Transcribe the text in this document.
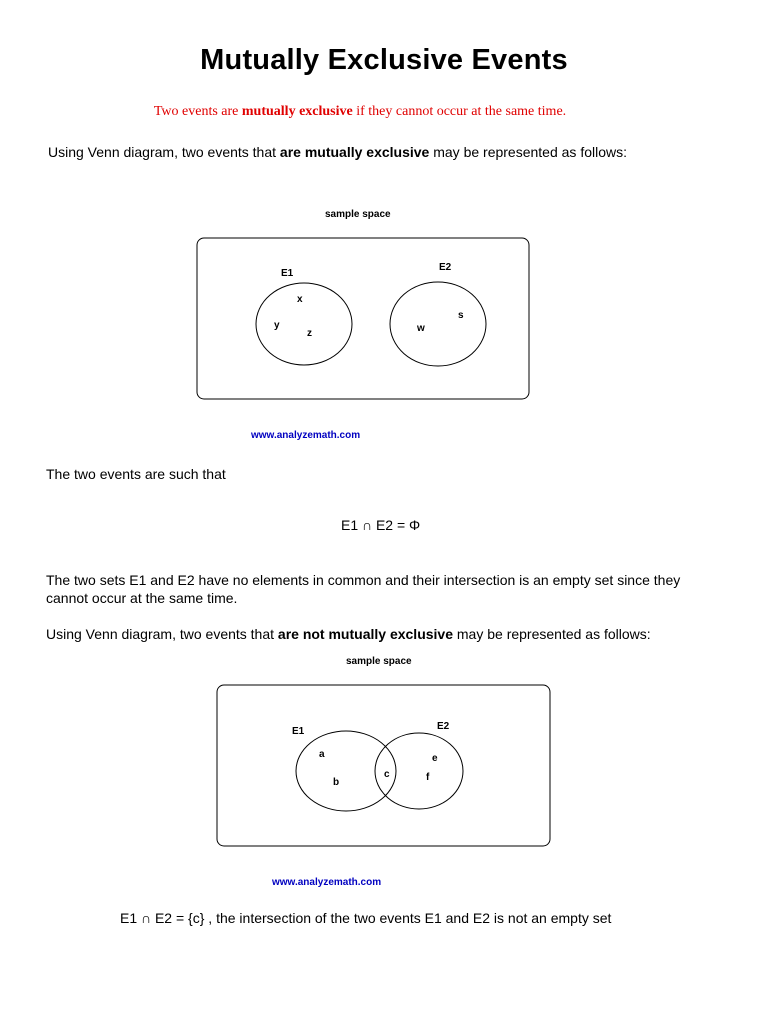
Mutually Exclusive Events
Two events are mutually exclusive if they cannot occur at the same time.
Using Venn diagram, two events that are mutually exclusive may be represented as follows:
sample space
E1
E2
x
y
z	w
s
www.analyzemath.com
The two events are such that
E1 ∩ E2 = Φ
The two sets E1 and E2 have no elements in common and their intersection is an empty set since they cannot occur at the same time.
Using Venn diagram, two events that are not mutually exclusive may be represented as follows:
sample space
E1	E2
a
b
c
e
f
www.analyzemath.com
E1 ∩ E2 = {c} , the intersection of the two events E1 and E2 is not an empty set
